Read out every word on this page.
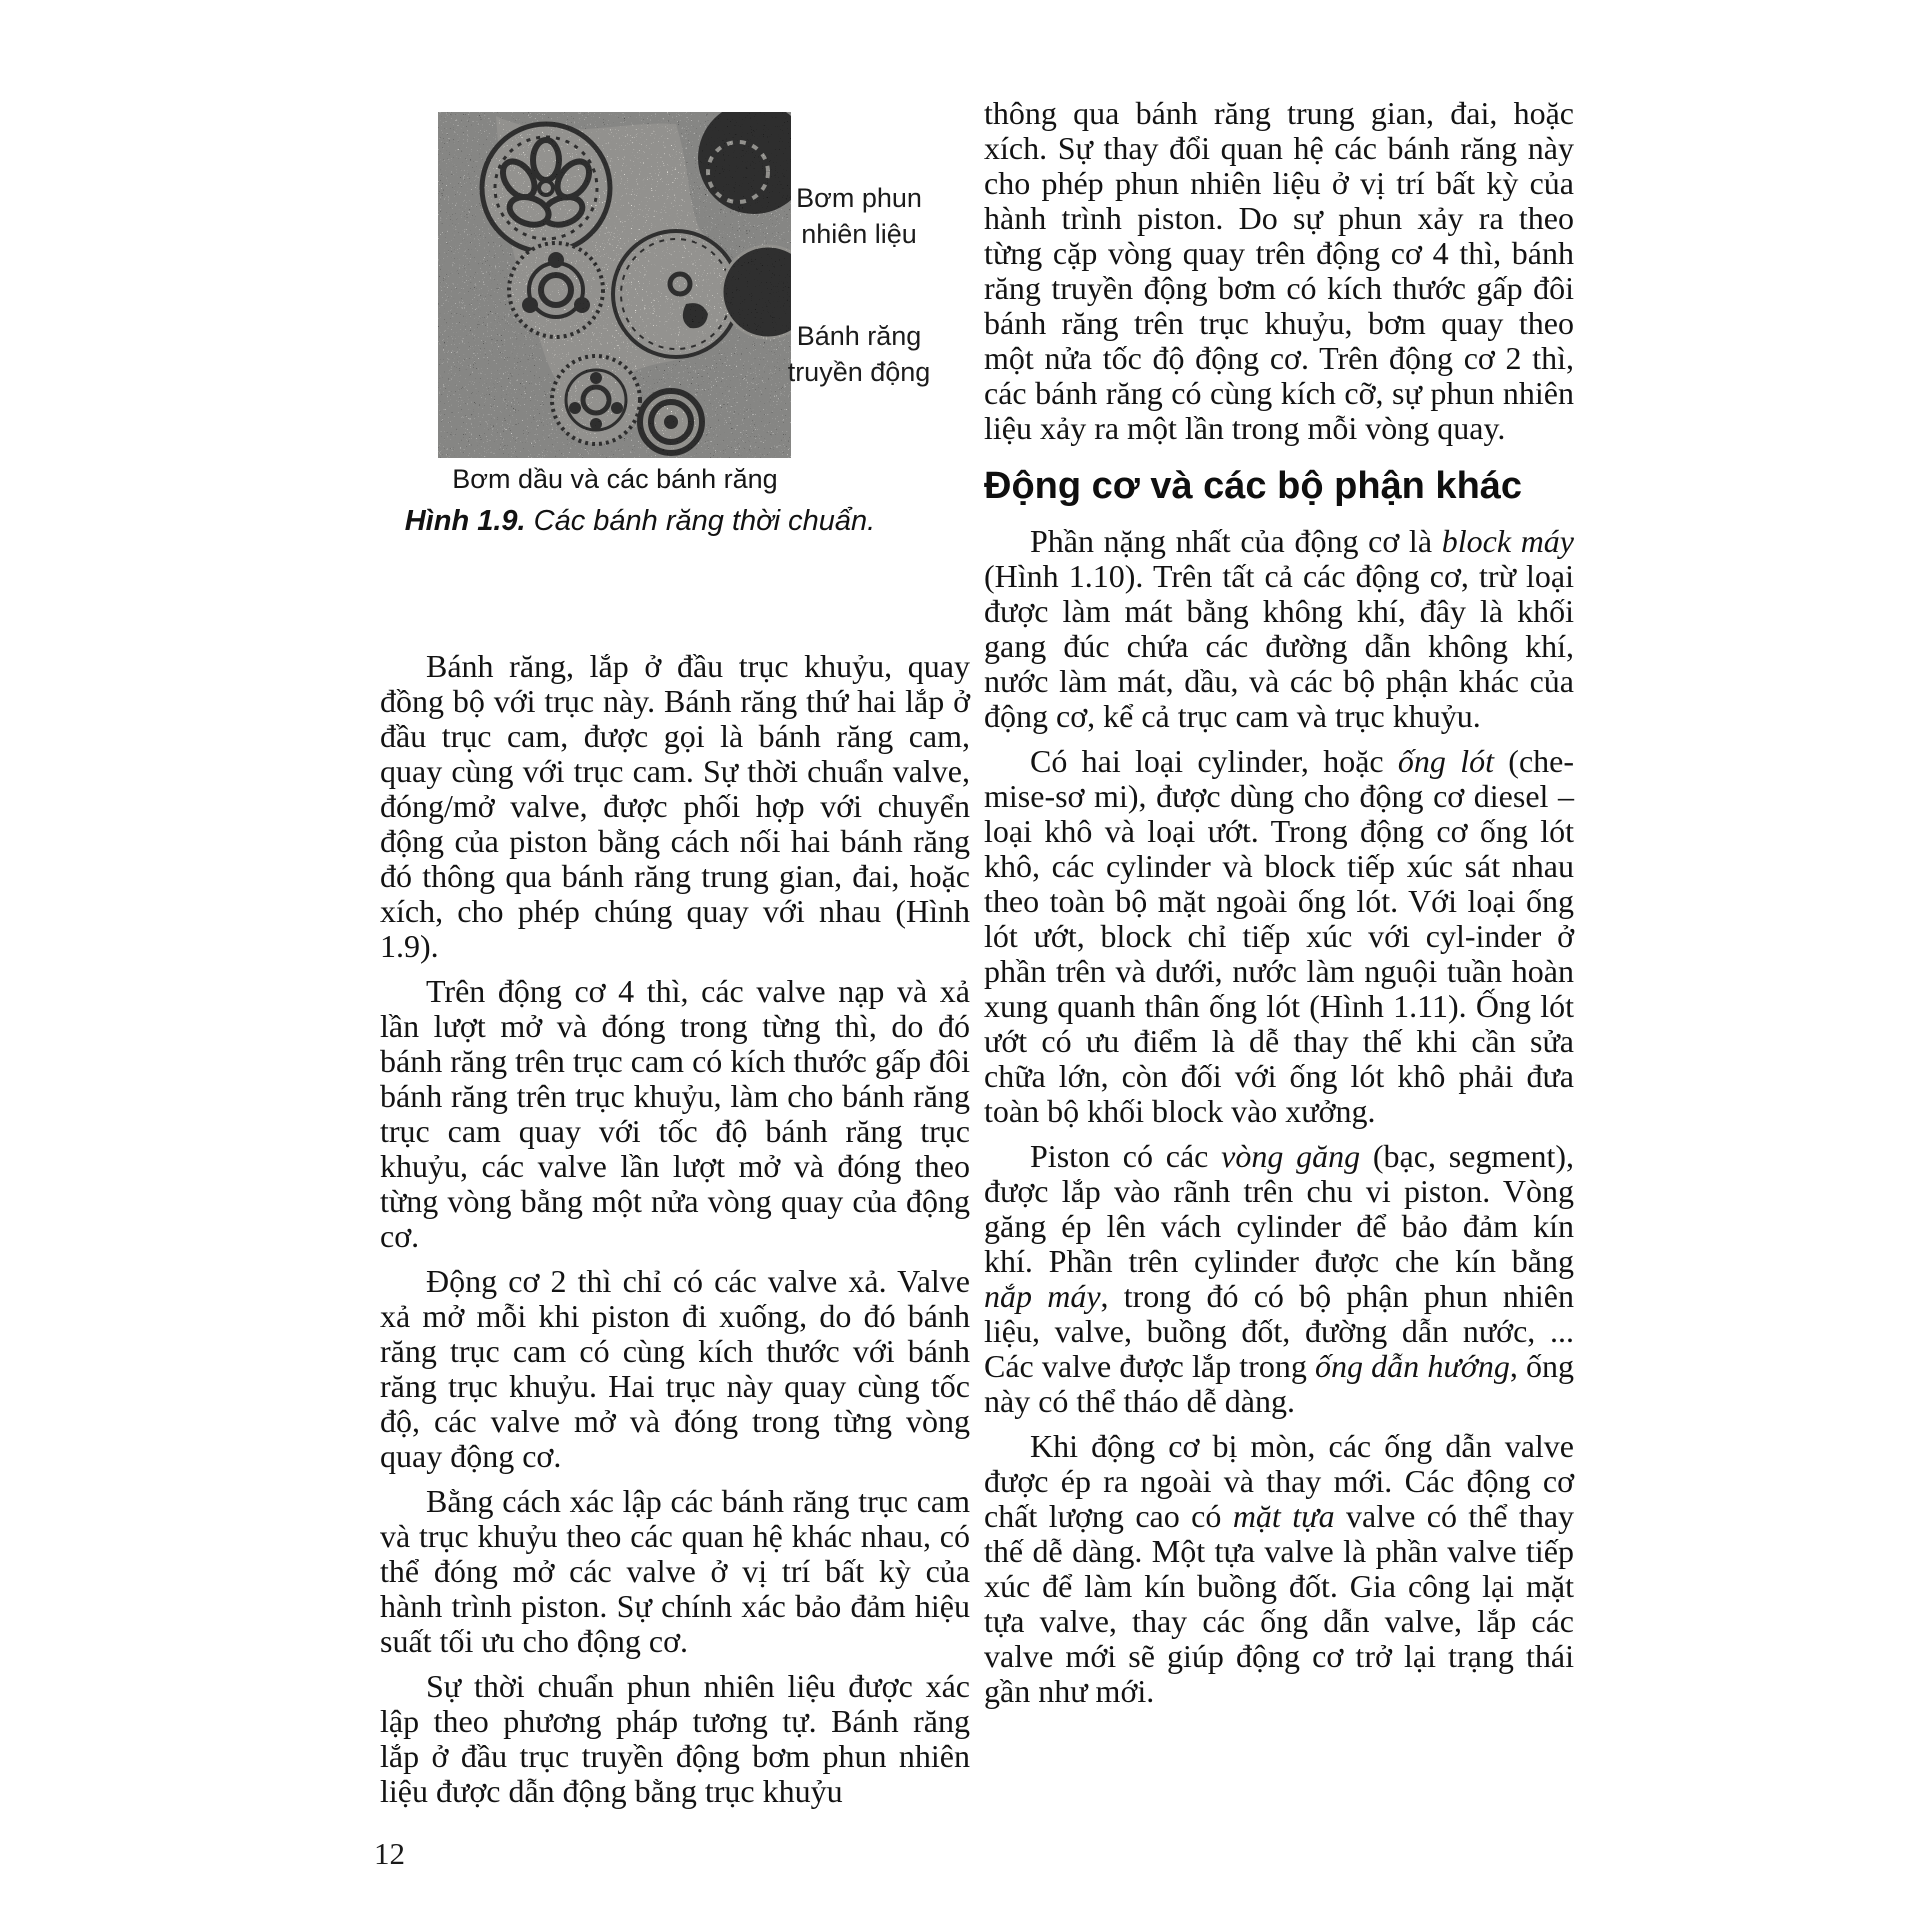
Bơm phun nhiên liệu
Bánh răng truyền động
Bơm dầu và các bánh răng
Hình 1.9. Các bánh răng thời chuẩn.

Bánh răng, lắp ở đầu trục khuỷu, quay đồng bộ với trục này. Bánh răng thứ hai lắp ở đầu trục cam, được gọi là bánh răng cam, quay cùng với trục cam. Sự thời chuẩn valve, đóng/mở valve, được phối hợp với chuyển động của piston bằng cách nối hai bánh răng đó thông qua bánh răng trung gian, đai, hoặc xích, cho phép chúng quay với nhau (Hình 1.9).

Trên động cơ 4 thì, các valve nạp và xả lần lượt mở và đóng trong từng thì, do đó bánh răng trên trục cam có kích thước gấp đôi bánh răng trên trục khuỷu, làm cho bánh răng trục cam quay với tốc độ bánh răng trục khuỷu, các valve lần lượt mở và đóng theo từng vòng bằng một nửa vòng quay của động cơ.

Động cơ 2 thì chỉ có các valve xả. Valve xả mở mỗi khi piston đi xuống, do đó bánh răng trục cam có cùng kích thước với bánh răng trục khuỷu. Hai trục này quay cùng tốc độ, các valve mở và đóng trong từng vòng quay động cơ.

Bằng cách xác lập các bánh răng trục cam và trục khuỷu theo các quan hệ khác nhau, có thể đóng mở các valve ở vị trí bất kỳ của hành trình piston. Sự chính xác bảo đảm hiệu suất tối ưu cho động cơ.

Sự thời chuẩn phun nhiên liệu được xác lập theo phương pháp tương tự. Bánh răng lắp ở đầu trục truyền động bơm phun nhiên liệu được dẫn động bằng trục khuỷu

thông qua bánh răng trung gian, đai, hoặc xích. Sự thay đổi quan hệ các bánh răng này cho phép phun nhiên liệu ở vị trí bất kỳ của hành trình piston. Do sự phun xảy ra theo từng cặp vòng quay trên động cơ 4 thì, bánh răng truyền động bơm có kích thước gấp đôi bánh răng trên trục khuỷu, bơm quay theo một nửa tốc độ động cơ. Trên động cơ 2 thì, các bánh răng có cùng kích cỡ, sự phun nhiên liệu xảy ra một lần trong mỗi vòng quay.

Động cơ và các bộ phận khác

Phần nặng nhất của động cơ là block máy (Hình 1.10). Trên tất cả các động cơ, trừ loại được làm mát bằng không khí, đây là khối gang đúc chứa các đường dẫn không khí, nước làm mát, dầu, và các bộ phận khác của động cơ, kể cả trục cam và trục khuỷu.

Có hai loại cylinder, hoặc ống lót (che-mise-sơ mi), được dùng cho động cơ diesel – loại khô và loại ướt. Trong động cơ ống lót khô, các cylinder và block tiếp xúc sát nhau theo toàn bộ mặt ngoài ống lót. Với loại ống lót ướt, block chỉ tiếp xúc với cyl-inder ở phần trên và dưới, nước làm nguội tuần hoàn xung quanh thân ống lót (Hình 1.11). Ống lót ướt có ưu điểm là dễ thay thế khi cần sửa chữa lớn, còn đối với ống lót khô phải đưa toàn bộ khối block vào xưởng.

Piston có các vòng găng (bạc, segment), được lắp vào rãnh trên chu vi piston. Vòng găng ép lên vách cylinder để bảo đảm kín khí. Phần trên cylinder được che kín bằng nắp máy, trong đó có bộ phận phun nhiên liệu, valve, buồng đốt, đường dẫn nước, ... Các valve được lắp trong ống dẫn hướng, ống này có thể tháo dễ dàng.

Khi động cơ bị mòn, các ống dẫn valve được ép ra ngoài và thay mới. Các động cơ chất lượng cao có mặt tựa valve có thể thay thế dễ dàng. Một tựa valve là phần valve tiếp xúc để làm kín buồng đốt. Gia công lại mặt tựa valve, thay các ống dẫn valve, lắp các valve mới sẽ giúp động cơ trở lại trạng thái gần như mới.

12
